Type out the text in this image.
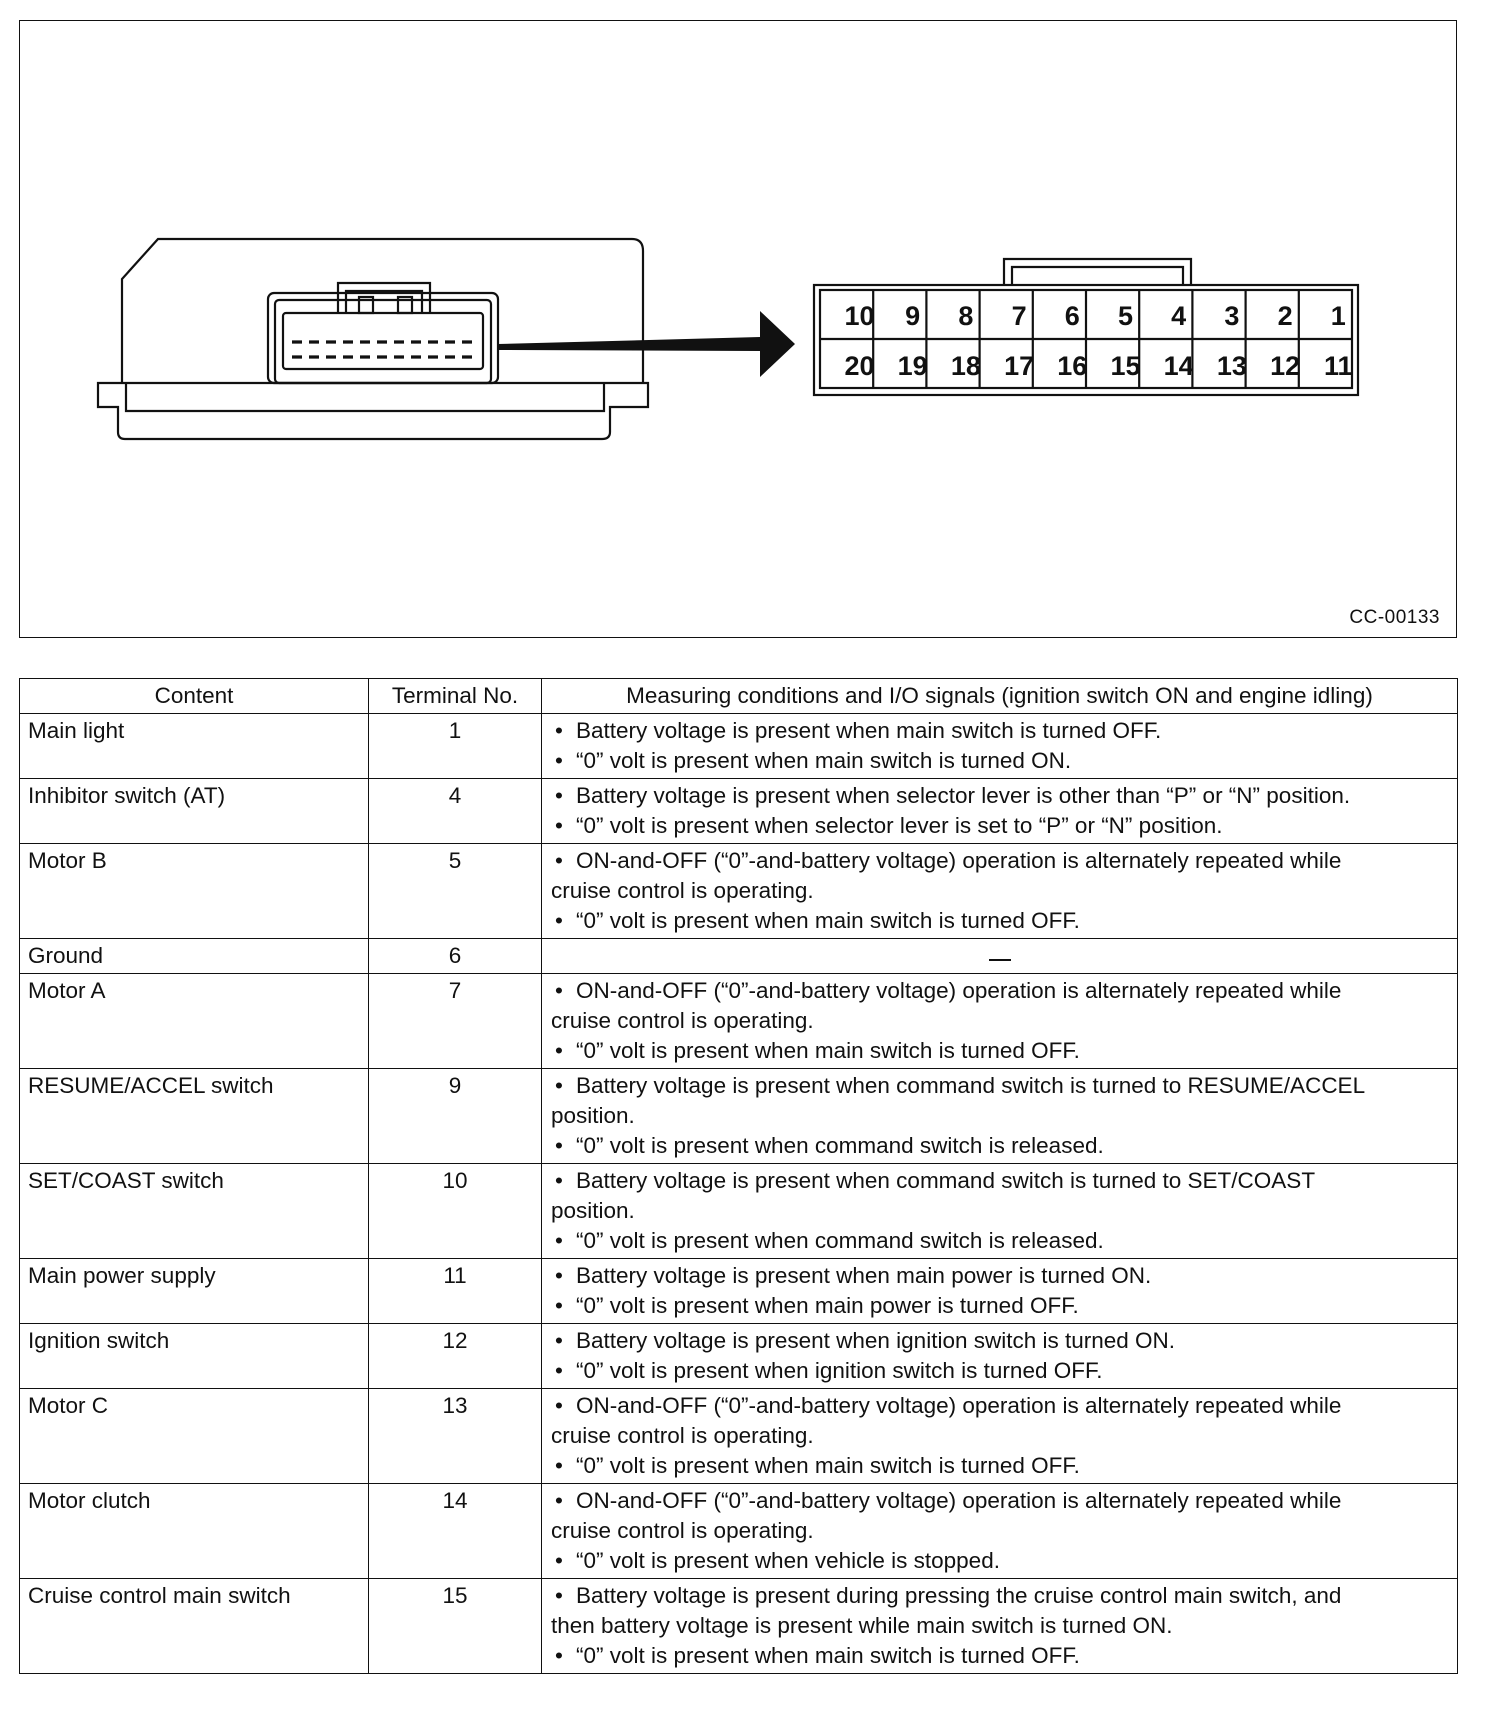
10	9	8	7	6	5	4	3	2	1
20 19 18 17 16 15 14 13 12 11
CC-00133
Content	Terminal No.	Measuring conditions and I/O signals (ignition switch ON and engine idling)
Main light	1	• Battery voltage is present when main switch is turned OFF.
• “0” volt is present when main switch is turned ON.

Inhibitor switch (AT)	4	• Battery voltage is present when selector lever is other than “P” or “N” position.
• “0” volt is present when selector lever is set to “P” or “N” position.

Motor B	5	• ON-and-OFF (“0”-and-battery voltage) operation is alternately repeated while
cruise control is operating.
• “0” volt is present when main switch is turned OFF.

Ground	6	
Motor A	7	• ON-and-OFF (“0”-and-battery voltage) operation is alternately repeated while
cruise control is operating.
• “0” volt is present when main switch is turned OFF.

RESUME/ACCEL switch	9	• Battery voltage is present when command switch is turned to RESUME/ACCEL
position.
• “0” volt is present when command switch is released.

SET/COAST switch	10	• Battery voltage is present when command switch is turned to SET/COAST
position.
• “0” volt is present when command switch is released.

Main power supply	11	• Battery voltage is present when main power is turned ON.
• “0” volt is present when main power is turned OFF.

Ignition switch	12	• Battery voltage is present when ignition switch is turned ON.
• “0” volt is present when ignition switch is turned OFF.

Motor C	13	• ON-and-OFF (“0”-and-battery voltage) operation is alternately repeated while
cruise control is operating.
• “0” volt is present when main switch is turned OFF.

Motor clutch	14	• ON-and-OFF (“0”-and-battery voltage) operation is alternately repeated while
cruise control is operating.
• “0” volt is present when vehicle is stopped.

Cruise control main switch	15	• Battery voltage is present during pressing the cruise control main switch, and
then battery voltage is present while main switch is turned ON.
• “0” volt is present when main switch is turned OFF.
